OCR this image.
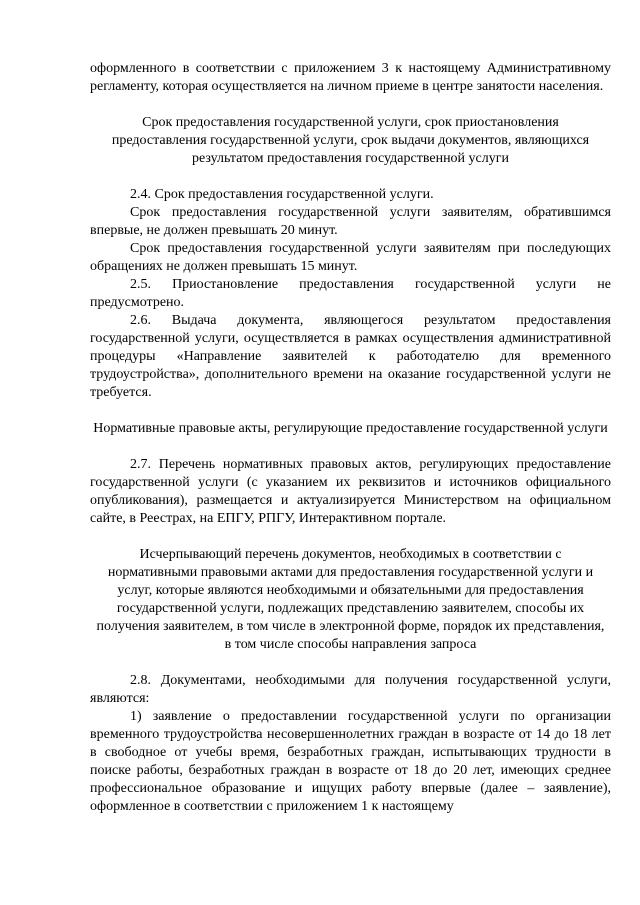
оформленного в соответствии с приложением 3 к настоящему Административному регламенту, которая осуществляется на личном приеме в центре занятости населения.

Срок предоставления государственной услуги, срок приостановления предоставления государственной услуги, срок выдачи документов, являющихся результатом предоставления государственной услуги

2.4. Срок предоставления государственной услуги.

Срок предоставления государственной услуги заявителям, обратившимся впервые, не должен превышать 20 минут.

Срок предоставления государственной услуги заявителям при последующих обращениях не должен превышать 15 минут.

2.5. Приостановление предоставления государственной услуги не предусмотрено.

2.6. Выдача документа, являющегося результатом предоставления государственной услуги, осуществляется в рамках осуществления административной процедуры «Направление заявителей к работодателю для временного трудоустройства», дополнительного времени на оказание государственной услуги не требуется.

Нормативные правовые акты, регулирующие предоставление государственной услуги

2.7. Перечень нормативных правовых актов, регулирующих предоставление государственной услуги (с указанием их реквизитов и источников официального опубликования), размещается и актуализируется Министерством на официальном сайте, в Реестрах, на ЕПГУ, РПГУ, Интерактивном портале.

Исчерпывающий перечень документов, необходимых в соответствии с нормативными правовыми актами для предоставления государственной услуги и услуг, которые являются необходимыми и обязательными для предоставления государственной услуги, подлежащих представлению заявителем, способы их получения заявителем, в том числе в электронной форме, порядок их представления, в том числе способы направления запроса

2.8. Документами, необходимыми для получения государственной услуги, являются:

1) заявление о предоставлении государственной услуги по организации временного трудоустройства несовершеннолетних граждан в возрасте от 14 до 18 лет в свободное от учебы время, безработных граждан, испытывающих трудности в поиске работы, безработных граждан в возрасте от 18 до 20 лет, имеющих среднее профессиональное образование и ищущих работу впервые (далее – заявление), оформленное в соответствии с приложением 1 к настоящему
